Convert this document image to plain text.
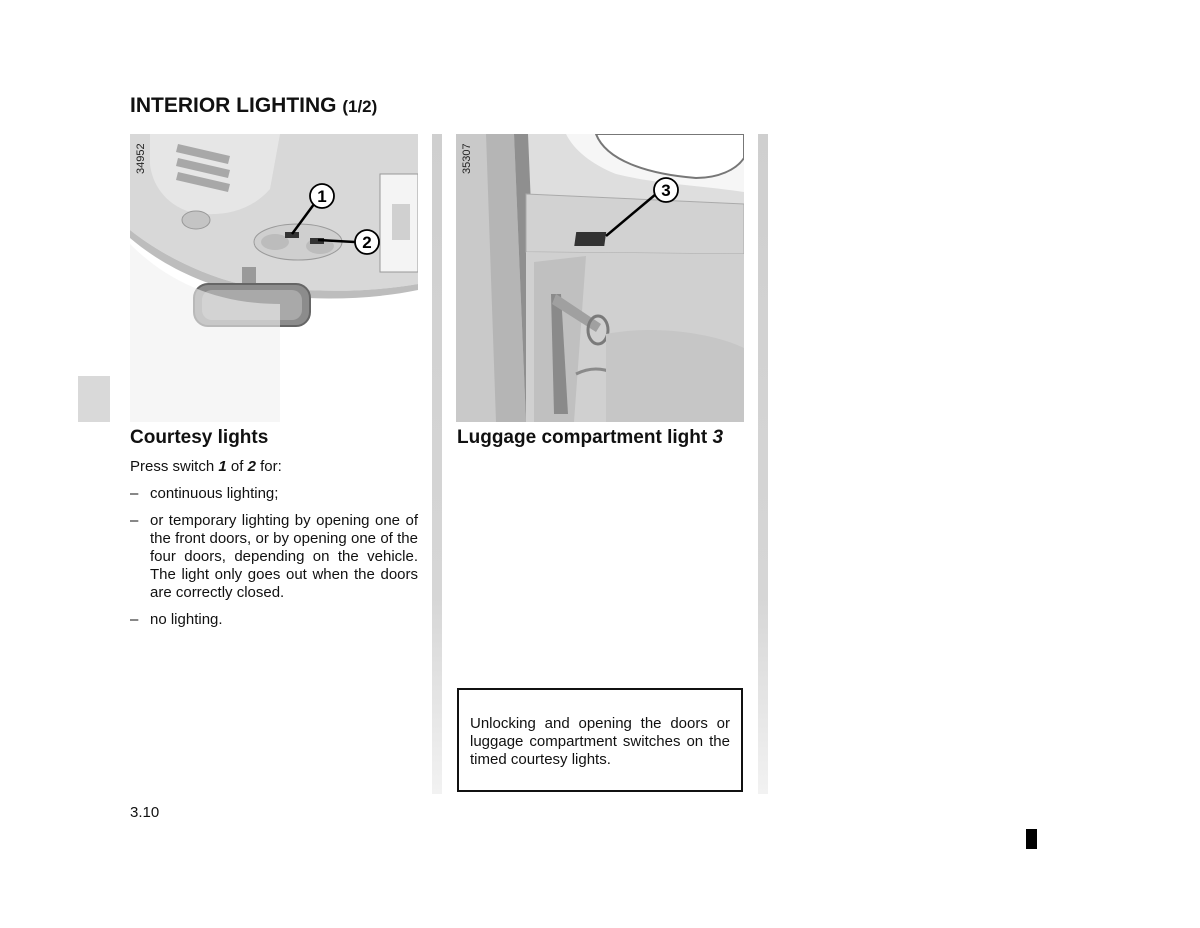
INTERIOR LIGHTING (1/2)
34952
1
2
35307
3
Courtesy lights

Press switch 1 of 2 for:

– continuous lighting;

– or temporary lighting by opening one of the front doors, or by opening one of the four doors, depending on the vehicle. The light only goes out when the doors are correctly closed.

– no lighting.

Luggage compartment light 3
Unlocking and opening the doors or luggage compartment switches on the timed courtesy lights.
3.10
